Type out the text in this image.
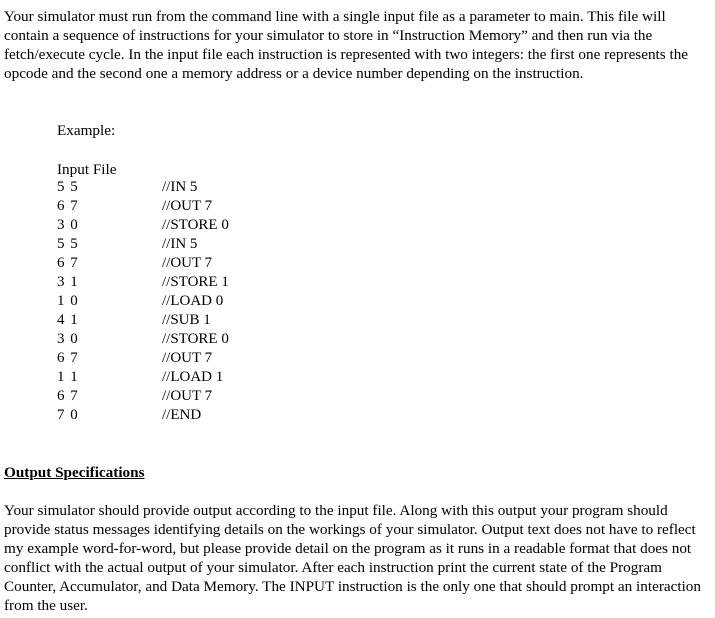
Your simulator must run from the command line with a single input file as a parameter to main. This file will contain a sequence of instructions for your simulator to store in “Instruction Memory” and then run via the fetch/execute cycle. In the input file each instruction is represented with two integers: the first one represents the opcode and the second one a memory address or a device number depending on the instruction.

Example:
Input File
5 5	//IN 5
6 7	//OUT 7
3 0	//STORE 0
5 5	//IN 5
6 7	//OUT 7
3 1	//STORE 1
1 0	//LOAD 0
4 1	//SUB 1
3 0	//STORE 0
6 7	//OUT 7
1 1	//LOAD 1
6 7	//OUT 7
7 0	//END
Output Specifications

Your simulator should provide output according to the input file. Along with this output your program should provide status messages identifying details on the workings of your simulator. Output text does not have to reflect my example word-for-word, but please provide detail on the program as it runs in a readable format that does not conflict with the actual output of your simulator. After each instruction print the current state of the Program Counter, Accumulator, and Data Memory. The INPUT instruction is the only one that should prompt an interaction from the user.
